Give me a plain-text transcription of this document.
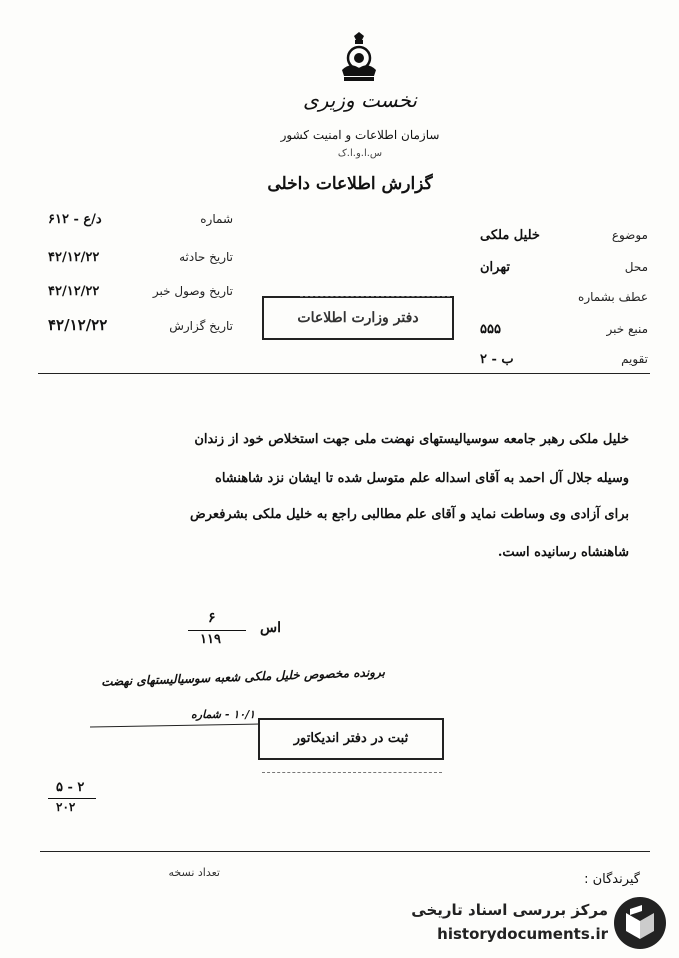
نخست وزیری
سازمان اطلاعات و امنیت کشور
س.ا.و.ا.ک
گزارش اطلاعات داخلی
شماره
د/ع - ۶۱۲
تاریخ حادثه
۴۲/۱۲/۲۲
تاریخ وصول خبر
۴۲/۱۲/۲۲
تاریخ گزارش
۴۲/۱۲/۲۲	دفتر وزارت اطلاعات
موضوع
خلیل ملکی
محل
تهران
عطف بشماره
منبع خبر
۵۵۵
تقویم
ب - ۲
خلیل ملکی رهبر جامعه سوسیالیستهای نهضت ملی جهت استخلاص خود از زندان
وسیله جلال آل احمد به آقای اسداله علم متوسل شده تا ایشان نزد شاهنشاه
برای آزادی وی وساطت نماید و آقای علم مطالبی راجع به خلیل ملکی بشرفعرض
شاهنشاه رسانیده است.
۶
۱۱۹
اس
برونده مخصوص خلیل ملکی شعبه سوسیالیستهای نهضت
۱۰/۱ - شماره
ثبت در دفتر اندیکاتور
۵ - ۲
۲۰۲
گیرندگان :
تعداد نسخه
مرکز بررسی اسناد تاریخی
historydocuments.ir
